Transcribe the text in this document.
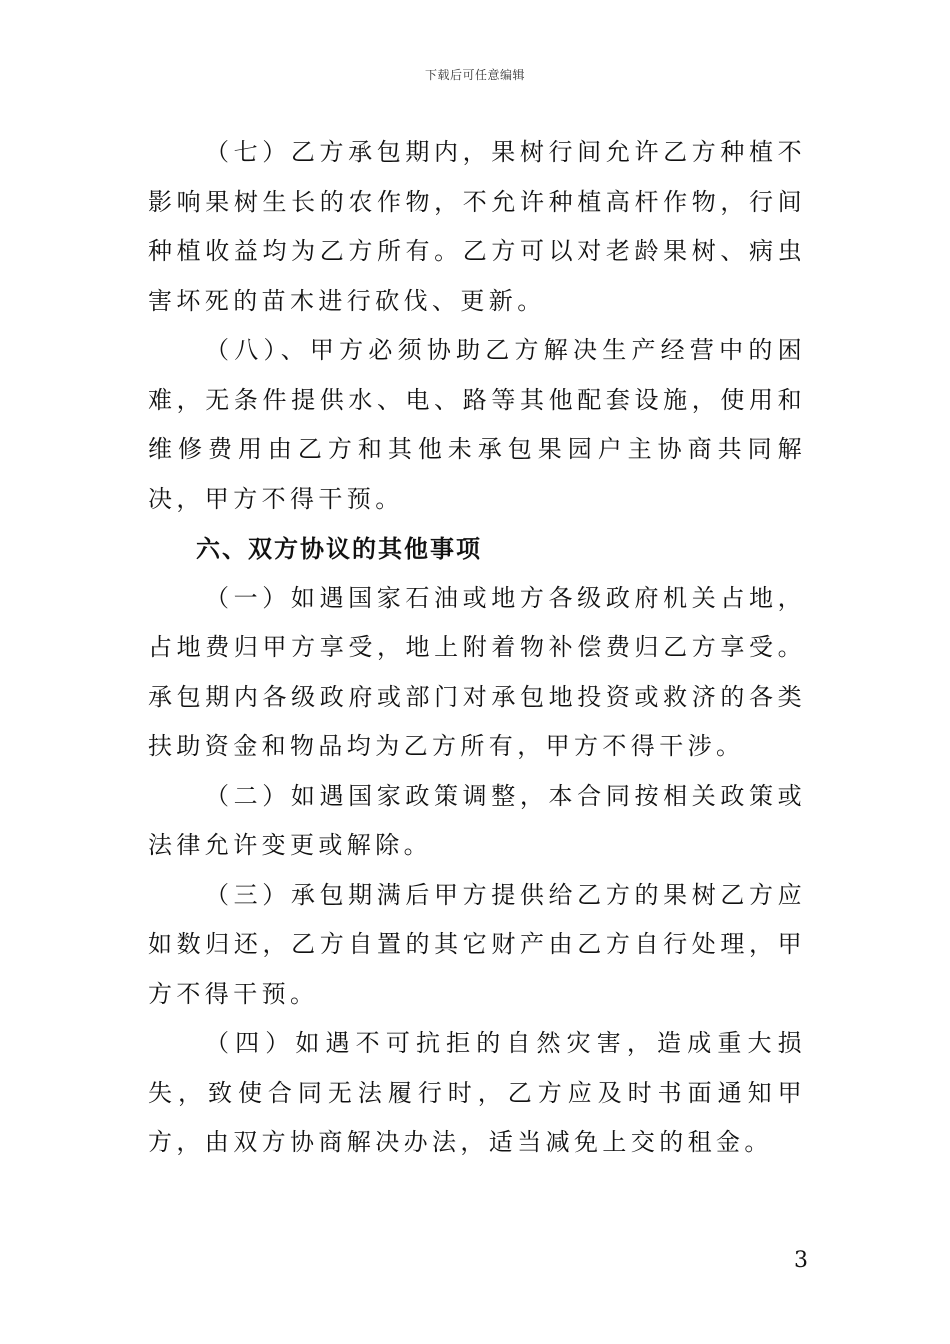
下载后可任意编辑

（七）乙方承包期内，果树行间允许乙方种植不影响果树生长的农作物，不允许种植高杆作物，行间种植收益均为乙方所有。乙方可以对老龄果树、病虫害坏死的苗木进行砍伐、更新。

（八）、甲方必须协助乙方解决生产经营中的困难，无条件提供水、电、路等其他配套设施，使用和维修费用由乙方和其他未承包果园户主协商共同解决，甲方不得干预。

六、双方协议的其他事项

（一）如遇国家石油或地方各级政府机关占地，占地费归甲方享受，地上附着物补偿费归乙方享受。承包期内各级政府或部门对承包地投资或救济的各类扶助资金和物品均为乙方所有，甲方不得干涉。

（二）如遇国家政策调整，本合同按相关政策或法律允许变更或解除。

（三）承包期满后甲方提供给乙方的果树乙方应如数归还，乙方自置的其它财产由乙方自行处理，甲方不得干预。

（四）如遇不可抗拒的自然灾害，造成重大损失，致使合同无法履行时，乙方应及时书面通知甲方，由双方协商解决办法，适当减免上交的租金。

3
